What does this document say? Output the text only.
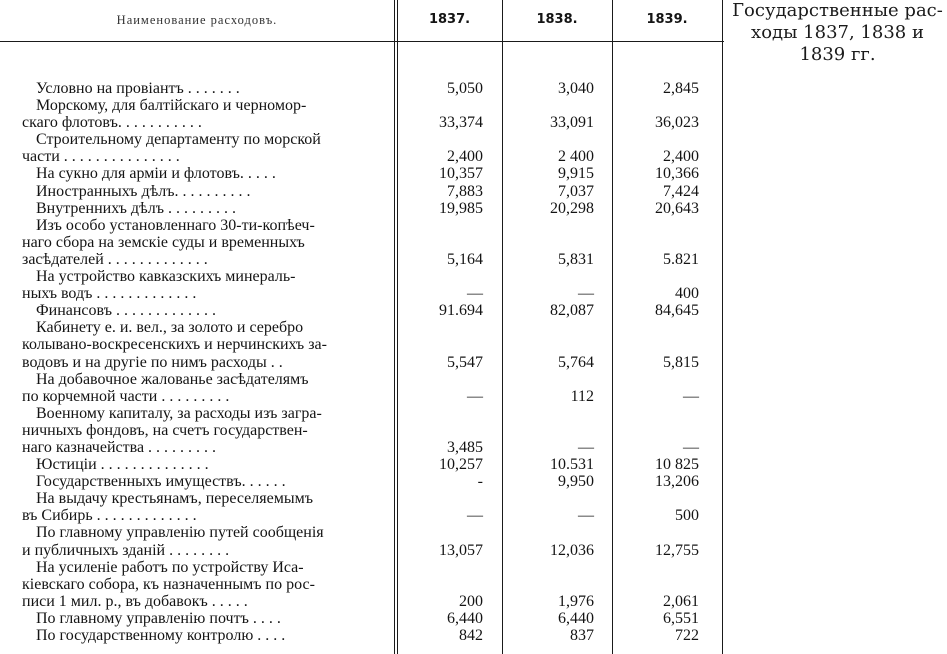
Наименование расходовъ.	1837.	1838.	1839.
Условно на провіантъ . . . . . . .	5,050	3,040	2,845
Морскому, для балтійскаго и черномор-
скаго флотовъ. . . . . . . . . . .	33,374	33,091	36,023
Строительному департаменту по морской
части . . . . . . . . . . . . . . .	2,400	2 400	2,400
На сукно для арміи и флотовъ. . . . .	10,357	9,915	10,366
Иностранныхъ дѣлъ. . . . . . . . . .	7,883	7,037	7,424
Внутреннихъ дѣлъ . . . . . . . . .	19,985	20,298	20,643
Изъ особо установленнаго 30-ти-копѣеч-
наго сбора на земскіе суды и временныхъ
засѣдателей . . . . . . . . . . . . .	5,164	5,831	5.821
На устройство кавказскихъ минераль-
ныхъ водъ . . . . . . . . . . . . .	—	—	400
Финансовъ . . . . . . . . . . . . .	91.694	82,087	84,645
Кабинету е. и. вел., за золото и серебро
колывано-воскресенскихъ и нерчинскихъ за-
водовъ и на другіе по нимъ расходы . .	5,547	5,764	5,815
На добавочное жалованье засѣдателямъ
по корчемной части . . . . . . . . .	—	112	—
Военному капиталу, за расходы изъ загра-
ничныхъ фондовъ, на счетъ государствен-
наго казначейства . . . . . . . . .	3,485	—	—
Юстиціи . . . . . . . . . . . . . .	10,257	10.531	10 825
Государственныхъ имуществъ. . . . . .	-	9,950	13,206
На выдачу крестьянамъ, переселяемымъ
въ Сибирь . . . . . . . . . . . . .	—	—	500
По главному управленію путей сообщенія
и публичныхъ зданій . . . . . . . .	13,057	12,036	12,755
На усиленіе работъ по устройству Иса-
кіевскаго собора, къ назначеннымъ по рос-
писи 1 мил. р., въ добавокъ . . . . .	200	1,976	2,061
По главному управленію почтъ . . . .	6,440	6,440	6,551
По государственному контролю . . . .	842	837	722
Государственные рас-
ходы 1837, 1838 и
1839 гг.
